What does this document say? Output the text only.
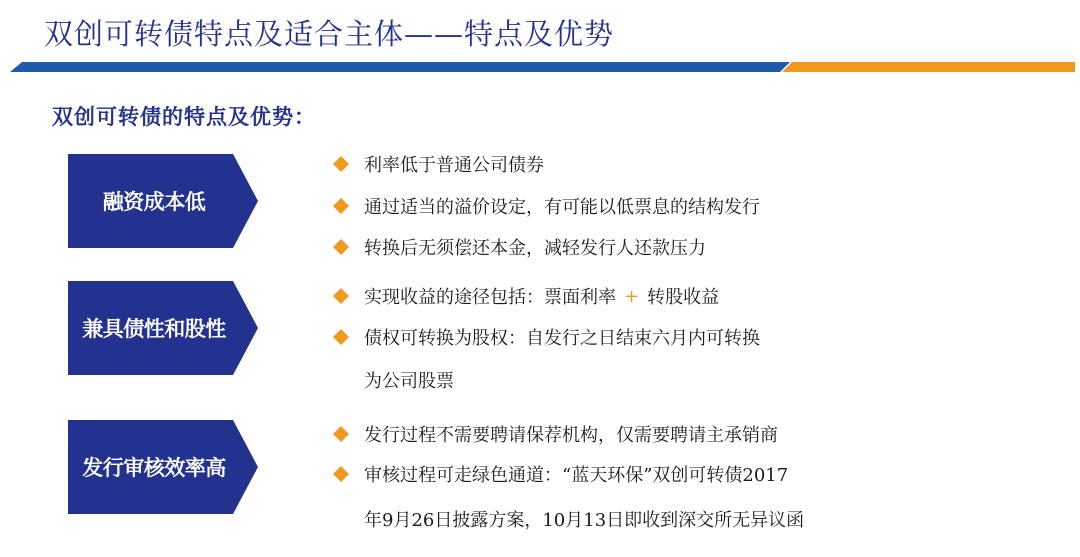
双创可转债特点及适合主体——特点及优势
双创可转债的特点及优势：
融资成本低
利率低于普通公司债券
通过适当的溢价设定，有可能以低票息的结构发行
转换后无须偿还本金，减轻发行人还款压力
兼具债性和股性
实现收益的途径包括：票面利率 + 转股收益
债权可转换为股权：自发行之日结束六月内可转换
为公司股票
发行审核效率高
发行过程不需要聘请保荐机构，仅需要聘请主承销商
审核过程可走绿色通道：“蓝天环保”双创可转债2017
年9月26日披露方案，10月13日即收到深交所无异议函
